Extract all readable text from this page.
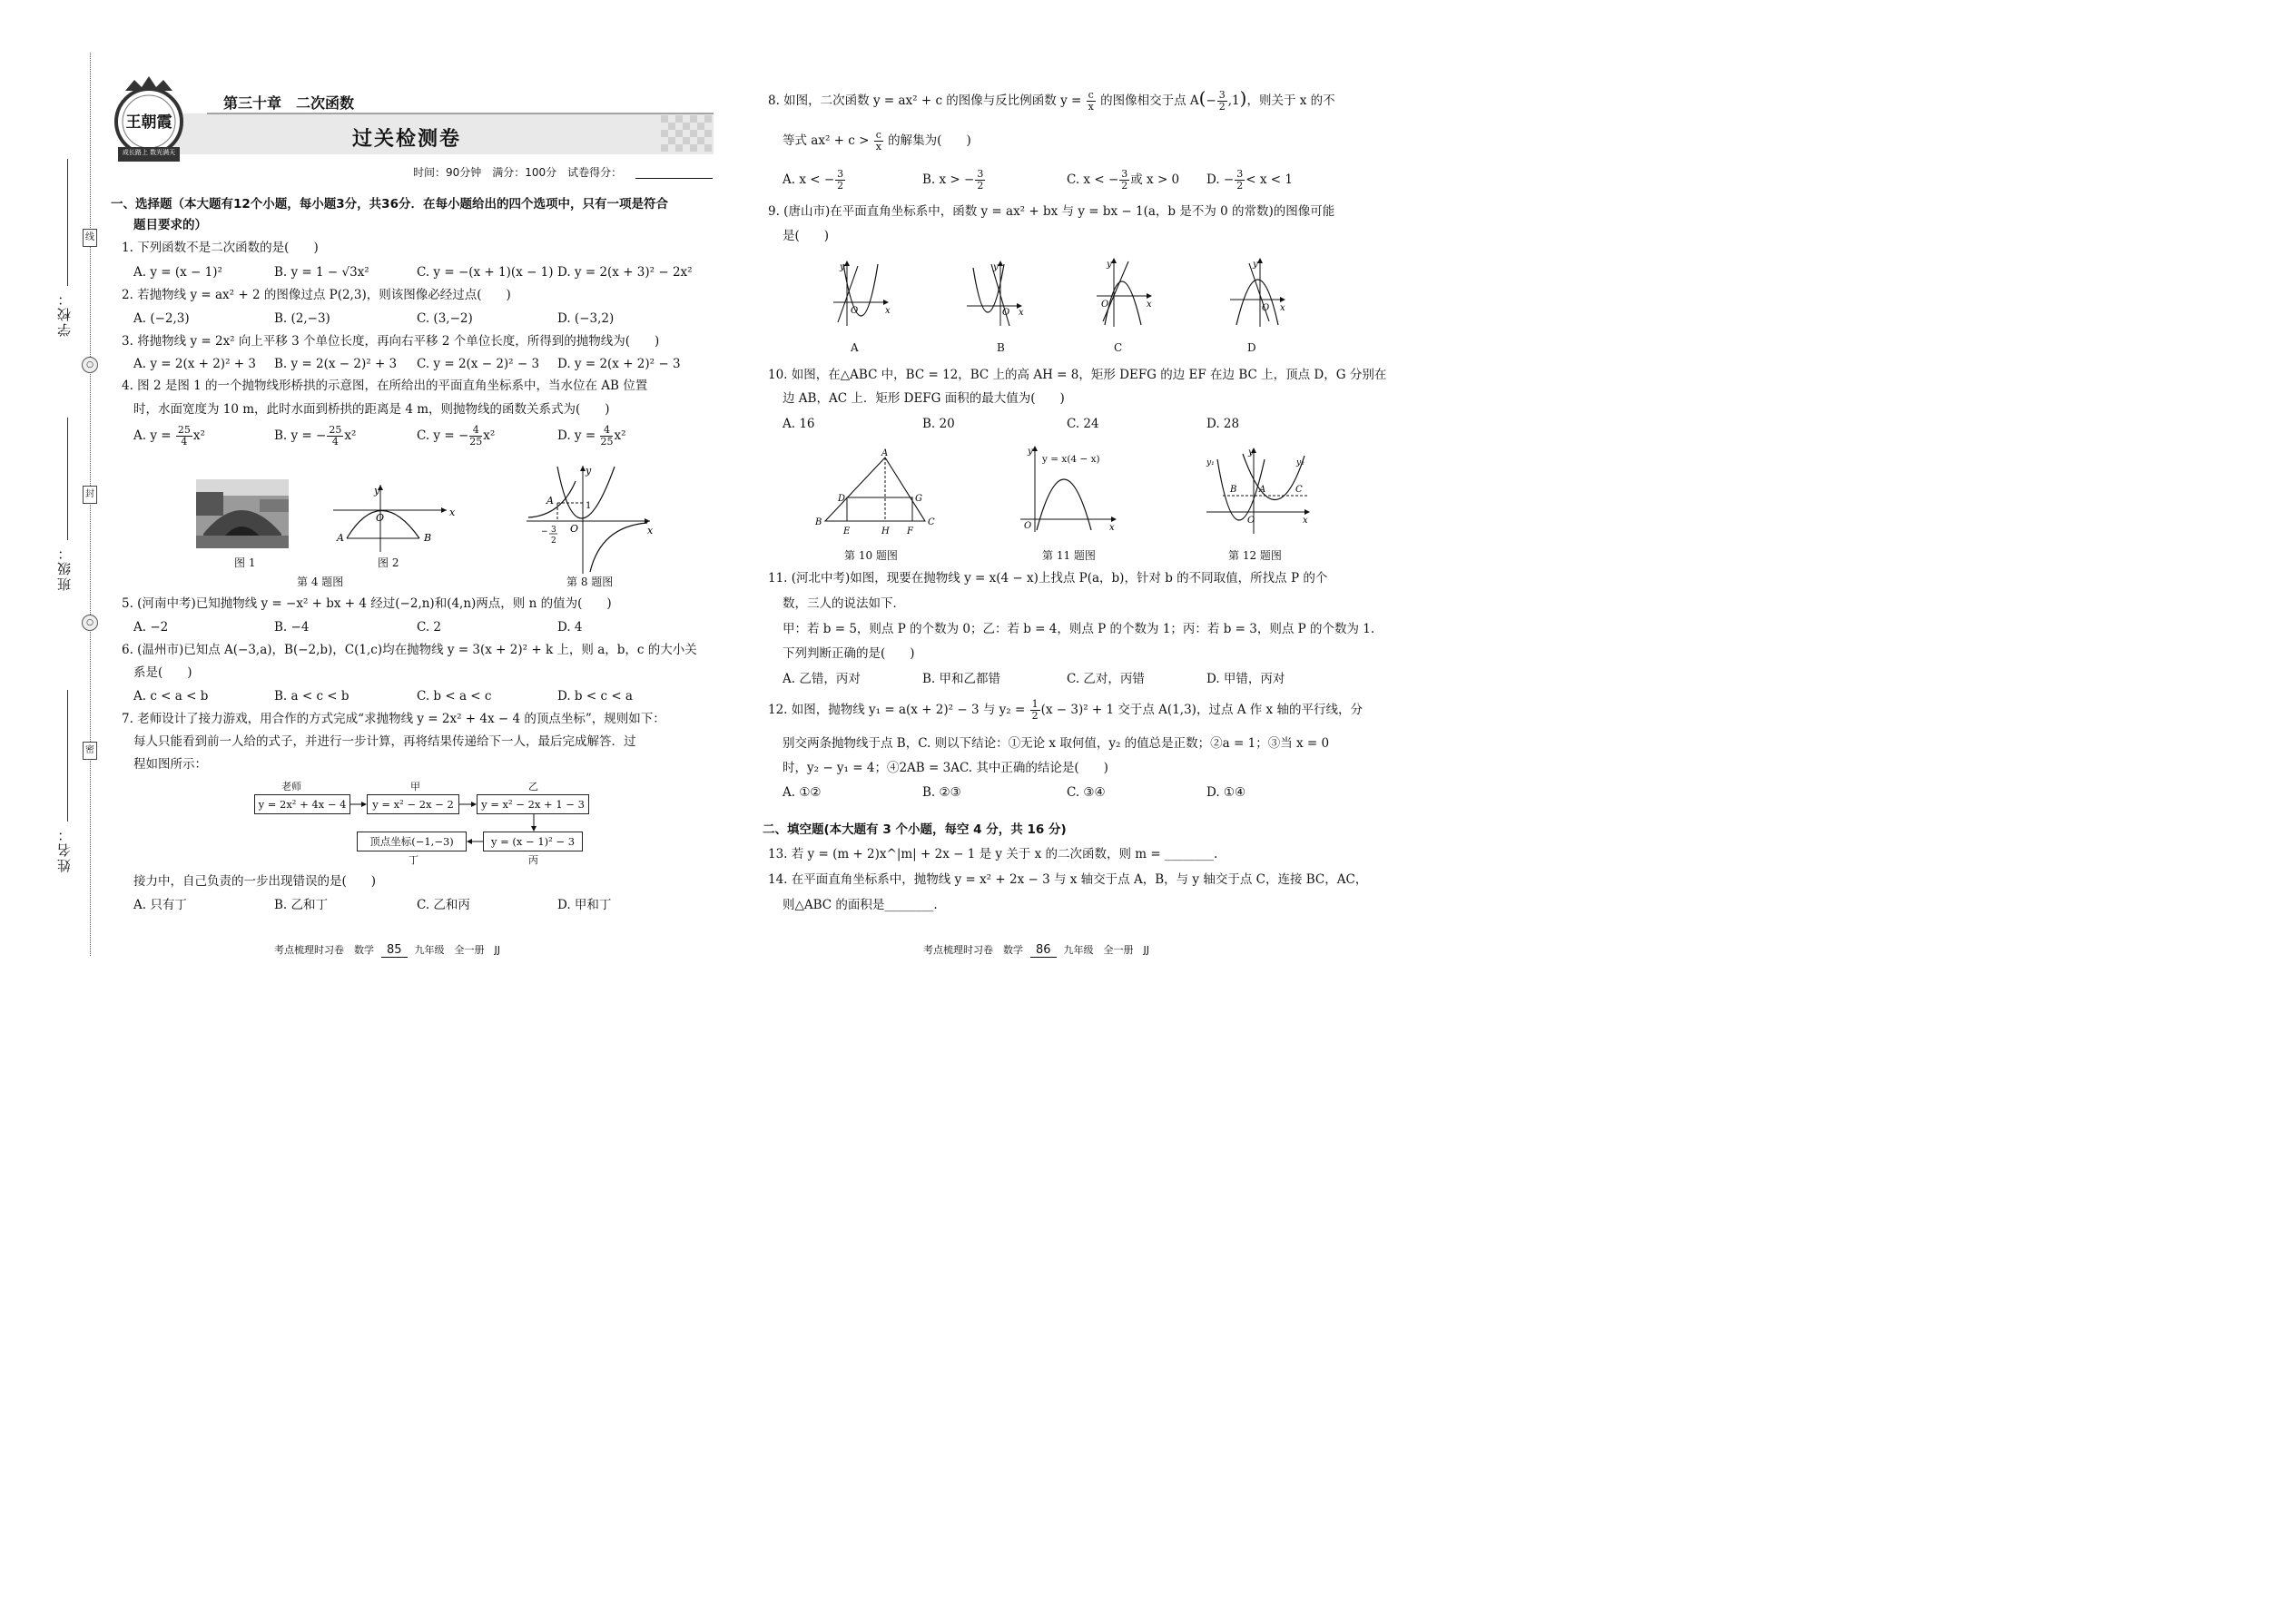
学校：
班级：
姓名：
线
○
封
○
密
王朝霞
成长路上 数光满天
第三十章　二次函数
过关检测卷
时间：90分钟　满分：100分　试卷得分：
一、选择题（本大题有12个小题，每小题3分，共36分．在每小题给出的四个选项中，只有一项是符合
题目要求的）
1. 下列函数不是二次函数的是(　　)
A. y = (x − 1)²	B. y = 1 − √3x²	C. y = −(x + 1)(x − 1) D. y = 2(x + 3)² − 2x²
2. 若抛物线 y = ax² + 2 的图像过点 P(2,3)，则该图像必经过点(　　)
A. (−2,3)	B. (2,−3)	C. (3,−2)	D. (−3,2)
3. 将抛物线 y = 2x² 向上平移 3 个单位长度，再向右平移 2 个单位长度，所得到的抛物线为(　　)
A. y = 2(x + 2)² + 3 B. y = 2(x − 2)² + 3 C. y = 2(x − 2)² − 3 D. y = 2(x + 2)² − 3
4. 图 2 是图 1 的一个抛物线形桥拱的示意图，在所给出的平面直角坐标系中，当水位在 AB 位置
时，水面宽度为 10 m，此时水面到桥拱的距离是 4 m，则抛物线的函数关系式为(　　)
A. $y = \frac{25}{4} x^2$	B. y = − $\frac{25}{4} x^2$	C. y = − $\frac{4}{25} x^2$	D. $y = \frac{4}{25} x^2$
图 1
y
x
O
A	B
图 2
第 4 题图
y
x
A	1
O
− 3
2
第 8 题图
5. (河南中考)已知抛物线 y = −x² + bx + 4 经过(−2,n)和(4,n)两点，则 n 的值为(　　)
A. −2	B. −4	C. 2	D. 4
6. (温州市)已知点 A(−3,a)，B(−2,b)，C(1,c)均在抛物线 y = 3(x + 2)² + k 上，则 a，b，c 的大小关
系是(　　)
A. c < a < b	B. a < c < b	C. b < a < c	D. b < c < a
7. 老师设计了接力游戏，用合作的方式完成“求抛物线 y = 2x² + 4x − 4 的顶点坐标”，规则如下：
每人只能看到前一人给的式子，并进行一步计算，再将结果传递给下一人，最后完成解答．过
程如图所示：
老师	甲	乙
y = 2x² + 4x − 4	y = x² − 2x − 2	y = x² − 2x + 1 − 3
顶点坐标(−1,−3)	y = (x − 1)² − 3
丁	丙
接力中，自己负责的一步出现错误的是(　　)
A. 只有丁	B. 乙和丁	C. 乙和丙	D. 甲和丁
8. 如图，二次函数 y = ax² + c 的图像与反比例函数 $y = \frac{c}{x}$ 的图像相交于点 $A(- \frac{3}{2} ,1)$，则关于 x 的不
等式 $ax^2 + c > \frac{c}{x}$ 的解集为(　　)
A. x < − $\frac{3}{2}$	B. x > − $\frac{3}{2}$	C. x < − $\frac{3}{2}$ 或 x > 0 D. − $\frac{3}{2} < x < 1$
9. (唐山市)在平面直角坐标系中，函数 y = ax² + bx 与 y = bx − 1(a，b 是不为 0 的常数)的图像可能
是(　　)
y
x
O
A
y
x
O
B
y
x
O
C
y
x
O
D
10. 如图，在△ABC 中，BC = 12，BC 上的高 AH = 8，矩形 DEFG 的边 EF 在边 BC 上，顶点 D，G 分别在
边 AB，AC 上．矩形 DEFG 面积的最大值为(　　)
A. 16	B. 20	C. 24	D. 28
A
B	C
D	G
E	H F
第 10 题图
y
x
O
y = x(4 − x)
第 11 题图
y₁	y₂
y
x
O
B A	C
第 12 题图
11. (河北中考)如图，现要在抛物线 y = x(4 − x)上找点 P(a，b)，针对 b 的不同取值，所找点 P 的个
数，三人的说法如下．
甲：若 b = 5，则点 P 的个数为 0；乙：若 b = 4，则点 P 的个数为 1；丙：若 b = 3，则点 P 的个数为 1.
下列判断正确的是(　　)
A. 乙错，丙对	B. 甲和乙都错	C. 乙对，丙错	D. 甲错，丙对
12. 如图，抛物线 y₁ = a(x + 2)² − 3 与 $y_2 = \frac{1}{2} (x - 3)^2 + 1$ 交于点 A(1,3)，过点 A 作 x 轴的平行线，分
别交两条抛物线于点 B，C. 则以下结论：①无论 x 取何值，y₂ 的值总是正数；②a = 1；③当 x = 0
时，y₂ − y₁ = 4；④2AB = 3AC. 其中正确的结论是(　　)
A. ①②	B. ②③	C. ③④	D. ①④
二、填空题(本大题有 3 个小题，每空 4 分，共 16 分)
13. 若 y = (m + 2)x^|m| + 2x − 1 是 y 关于 x 的二次函数，则 m = ________.
14. 在平面直角坐标系中，抛物线 y = x² + 2x − 3 与 x 轴交于点 A，B，与 y 轴交于点 C，连接 BC，AC，
则△ABC 的面积是________.
考点梳理时习卷　数学 85 九年级　全一册　JJ	考点梳理时习卷　数学 86 九年级　全一册　JJ
